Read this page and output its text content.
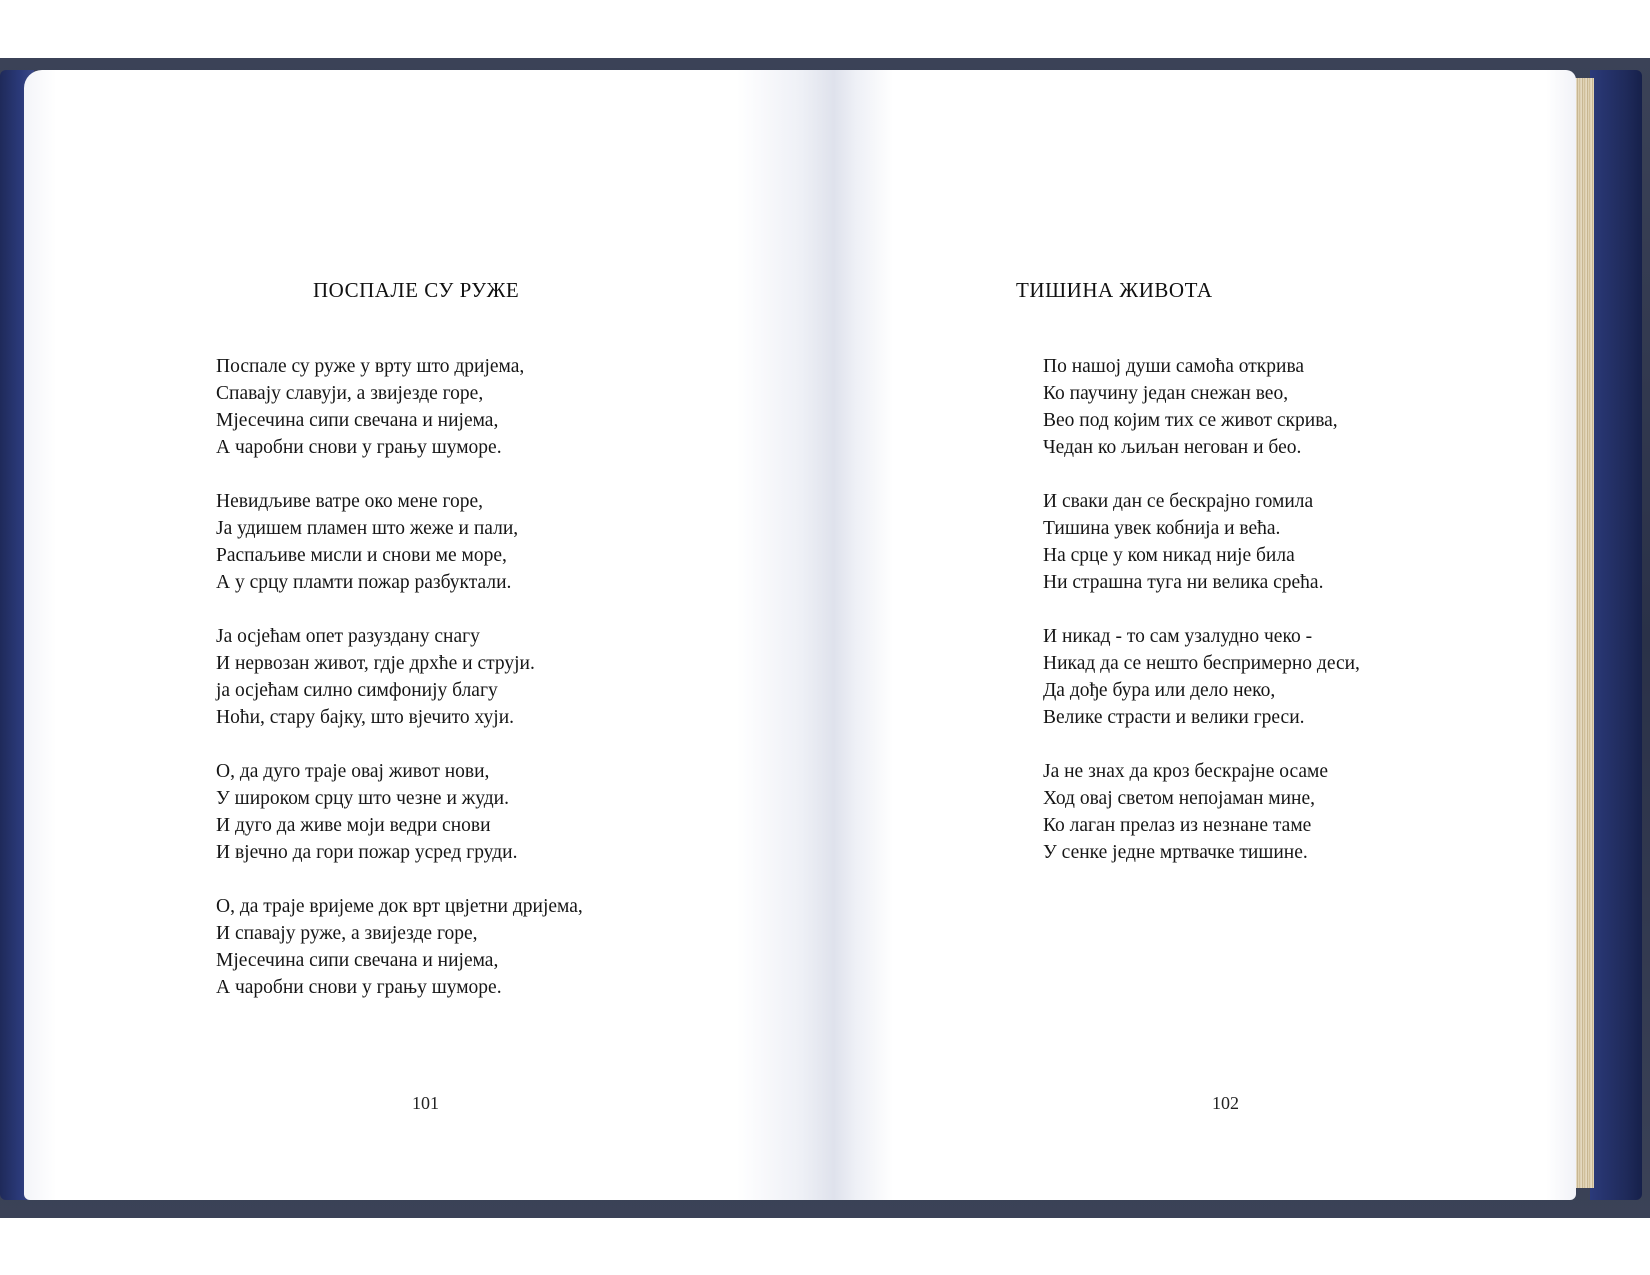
ПОСПАЛЕ СУ РУЖЕ
Поспале су руже у врту што дријема,
Спавају славуји, а звијезде горе,
Мјесечина сипи свечана и нијема,
А чаробни снови у грању шуморе.
Невидљиве ватре око мене горе,
Ја удишем пламен што жеже и пали,
Распаљиве мисли и снови ме море,
А у срцу пламти пожар разбуктали.
Ја осјећам опет разуздану снагу
И нервозан живот, гдје дрхће и струји.
ја осјећам силно симфонију благу
Ноћи, стару бајку, што вјечито хуји.
О, да дуго траје овај живот нови,
У широком срцу што чезне и жуди.
И дуго да живе моји ведри снови
И вјечно да гори пожар усред груди.
О, да траје вријеме док врт цвјетни дријема,
И спавају руже, а звијезде горе,
Мјесечина сипи свечана и нијема,
А чаробни снови у грању шуморе.
101
ТИШИНА ЖИВОТА
По нашој души самоћа открива
Ко паучину један снежан вео,
Вео под којим тих се живот скрива,
Чедан ко љиљан негован и бео.
И сваки дан се бескрајно гомила
Тишина увек кобнија и већа.
На срце у ком никад није била
Ни страшна туга ни велика срећа.
И никад - то сам узалудно чеко -
Никад да се нешто беспримерно деси,
Да дође бура или дело неко,
Велике страсти и велики греси.
Ја не знах да кроз бескрајне осаме
Ход овај светом непојаман мине,
Ко лаган прелаз из незнане таме
У сенке једне мртвачке тишине.
102
